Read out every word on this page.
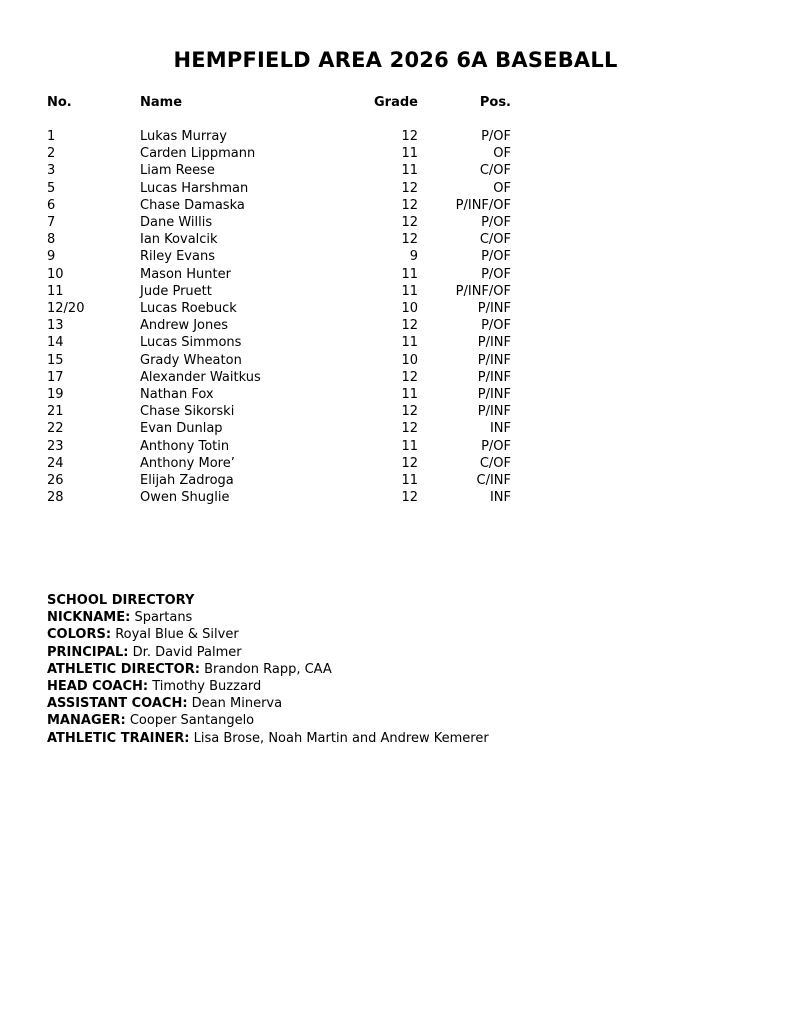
HEMPFIELD AREA 2026 6A BASEBALL
No.	Name	Grade	Pos.
1	Lukas Murray	12	P/OF
2	Carden Lippmann	11	OF
3	Liam Reese	11	C/OF
5	Lucas Harshman	12	OF
6	Chase Damaska	12	P/INF/OF
7	Dane Willis	12	P/OF
8	Ian Kovalcik	12	C/OF
9	Riley Evans	9	P/OF
10	Mason Hunter	11	P/OF
11	Jude Pruett	11	P/INF/OF
12/20	Lucas Roebuck	10	P/INF
13	Andrew Jones	12	P/OF
14	Lucas Simmons	11	P/INF
15	Grady Wheaton	10	P/INF
17	Alexander Waitkus	12	P/INF
19	Nathan Fox	11	P/INF
21	Chase Sikorski	12	P/INF
22	Evan Dunlap	12	INF
23	Anthony Totin	11	P/OF
24	Anthony More’	12	C/OF
26	Elijah Zadroga	11	C/INF
28	Owen Shuglie	12	INF
SCHOOL DIRECTORY
NICKNAME: Spartans
COLORS: Royal Blue & Silver
PRINCIPAL: Dr. David Palmer
ATHLETIC DIRECTOR: Brandon Rapp, CAA
HEAD COACH: Timothy Buzzard
ASSISTANT COACH: Dean Minerva
MANAGER: Cooper Santangelo
ATHLETIC TRAINER: Lisa Brose, Noah Martin and Andrew Kemerer
